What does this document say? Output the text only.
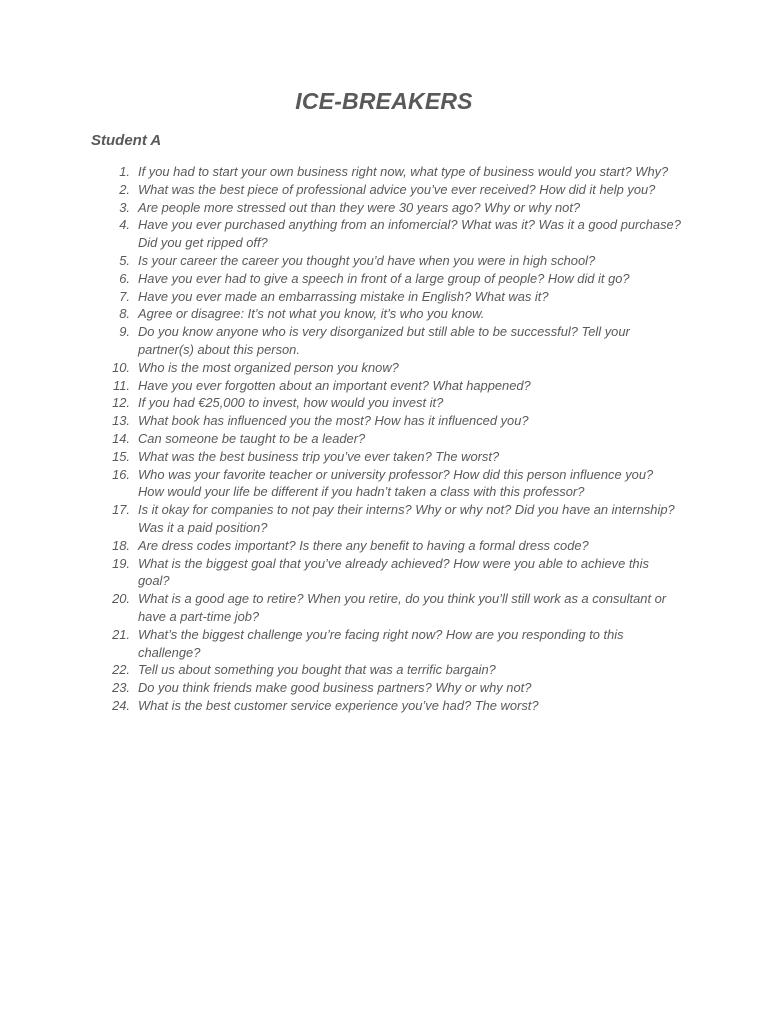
ICE-BREAKERS
Student A
1. If you had to start your own business right now, what type of business would you start? Why?
2. What was the best piece of professional advice you’ve ever received? How did it help you?
3. Are people more stressed out than they were 30 years ago? Why or why not?
4. Have you ever purchased anything from an infomercial? What was it? Was it a good purchase? Did you get ripped off?
5. Is your career the career you thought you’d have when you were in high school?
6. Have you ever had to give a speech in front of a large group of people? How did it go?
7. Have you ever made an embarrassing mistake in English? What was it?
8. Agree or disagree: It’s not what you know, it’s who you know.
9. Do you know anyone who is very disorganized but still able to be successful? Tell your partner(s) about this person.
10. Who is the most organized person you know?
11. Have you ever forgotten about an important event? What happened?
12. If you had €25,000 to invest, how would you invest it?
13. What book has influenced you the most? How has it influenced you?
14. Can someone be taught to be a leader?
15. What was the best business trip you’ve ever taken? The worst?
16. Who was your favorite teacher or university professor? How did this person influence you? How would your life be different if you hadn’t taken a class with this professor?
17. Is it okay for companies to not pay their interns? Why or why not? Did you have an internship? Was it a paid position?
18. Are dress codes important? Is there any benefit to having a formal dress code?
19. What is the biggest goal that you’ve already achieved? How were you able to achieve this goal?
20. What is a good age to retire? When you retire, do you think you’ll still work as a consultant or have a part-time job?
21. What’s the biggest challenge you’re facing right now? How are you responding to this challenge?
22. Tell us about something you bought that was a terrific bargain?
23. Do you think friends make good business partners? Why or why not?
24. What is the best customer service experience you’ve had? The worst?
